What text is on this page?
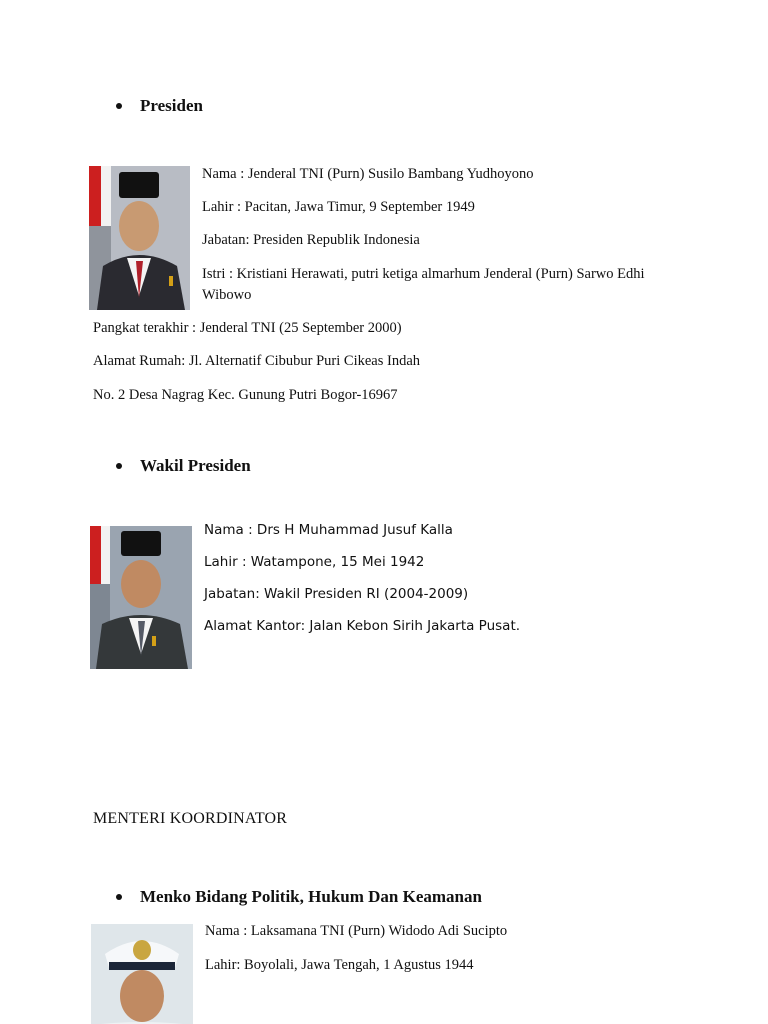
Presiden
Nama : Jenderal TNI (Purn) Susilo Bambang Yudhoyono
Lahir : Pacitan, Jawa Timur, 9 September 1949
Jabatan: Presiden Republik Indonesia
Istri : Kristiani Herawati, putri ketiga almarhum Jenderal (Purn) Sarwo Edhi
Wibowo
Pangkat terakhir : Jenderal TNI (25 September 2000)
Alamat Rumah: Jl. Alternatif Cibubur Puri Cikeas Indah
No. 2 Desa Nagrag Kec. Gunung Putri Bogor-16967
Wakil Presiden
Nama : Drs H Muhammad Jusuf Kalla
Lahir : Watampone, 15 Mei 1942
Jabatan: Wakil Presiden RI (2004-2009)
Alamat Kantor: Jalan Kebon Sirih Jakarta Pusat.
MENTERI KOORDINATOR
Menko Bidang Politik, Hukum Dan Keamanan
Nama : Laksamana TNI (Purn) Widodo Adi Sucipto
Lahir: Boyolali, Jawa Tengah, 1 Agustus 1944
